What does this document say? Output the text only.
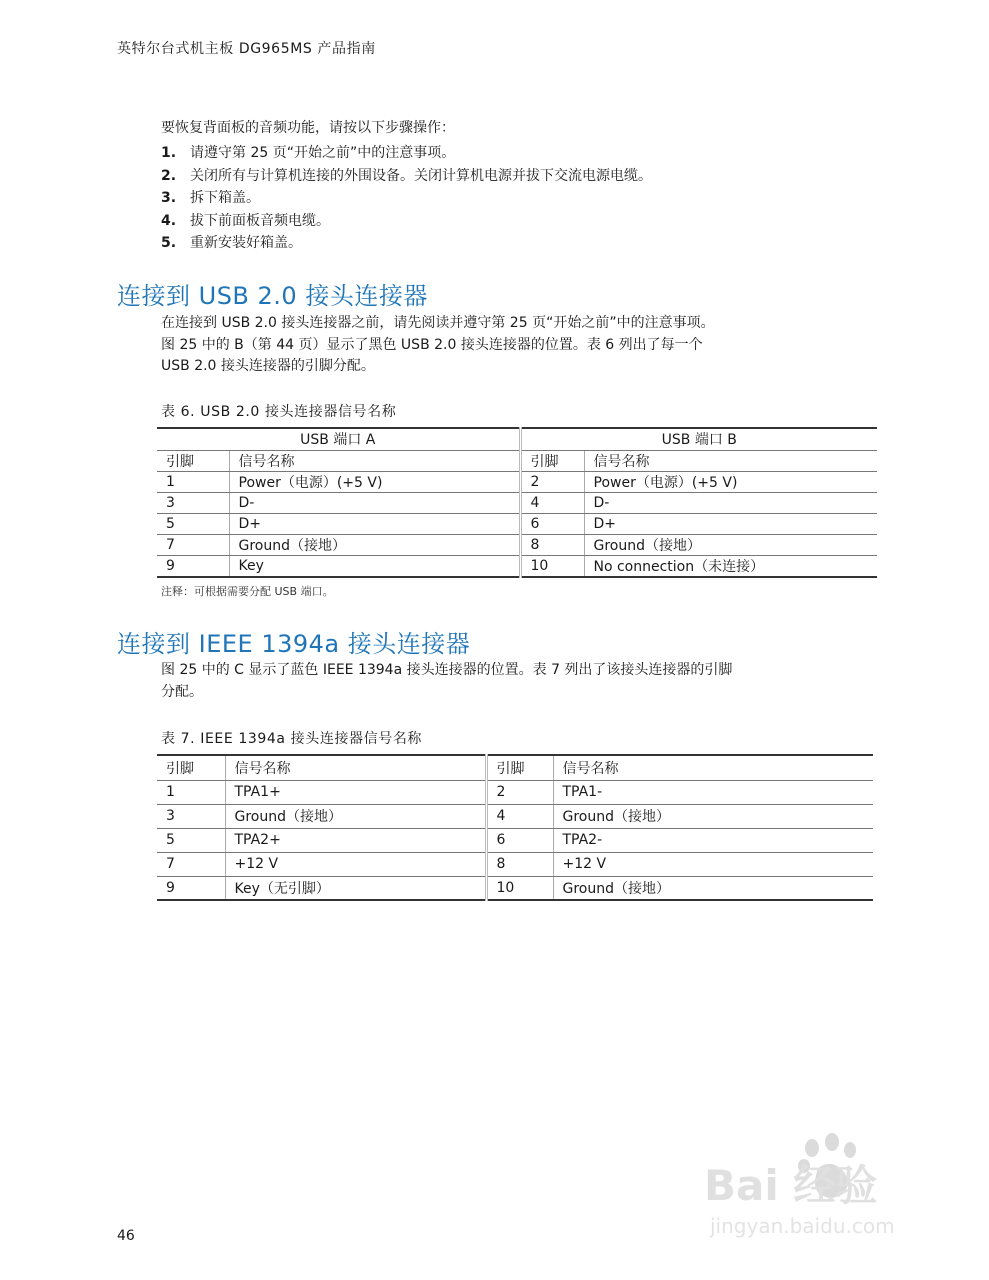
英特尔台式机主板 DG965MS 产品指南
要恢复背面板的音频功能，请按以下步骤操作：
1. 请遵守第 25 页“开始之前”中的注意事项。
2. 关闭所有与计算机连接的外围设备。关闭计算机电源并拔下交流电源电缆。
3. 拆下箱盖。
4. 拔下前面板音频电缆。
5. 重新安装好箱盖。
连接到 USB 2.0 接头连接器
在连接到 USB 2.0 接头连接器之前，请先阅读并遵守第 25 页“开始之前”中的注意事项。
图 25 中的 B（第 44 页）显示了黑色 USB 2.0 接头连接器的位置。表 6 列出了每一个
USB 2.0 接头连接器的引脚分配。
表 6. USB 2.0 接头连接器信号名称
USB 端口 A		USB 端口 B	
引脚	信号名称	引脚	信号名称
1	Power（电源）(+5 V)	2	Power（电源）(+5 V)
3	D-	4	D-
5	D+	6	D+
7	Ground（接地）	8	Ground（接地）
9	Key	10	No connection（未连接）
注释：可根据需要分配 USB 端口。
连接到 IEEE 1394a 接头连接器
图 25 中的 C 显示了蓝色 IEEE 1394a 接头连接器的位置。表 7 列出了该接头连接器的引脚
分配。
表 7. IEEE 1394a 接头连接器信号名称
引脚	信号名称	引脚	信号名称
1	TPA1+	2	TPA1-
3	Ground（接地）	4	Ground（接地）
5	TPA2+	6	TPA2-
7	+12 V	8	+12 V
9	Key（无引脚）	10	Ground（接地）
46
Bai 经验
jingyan.baidu.com
